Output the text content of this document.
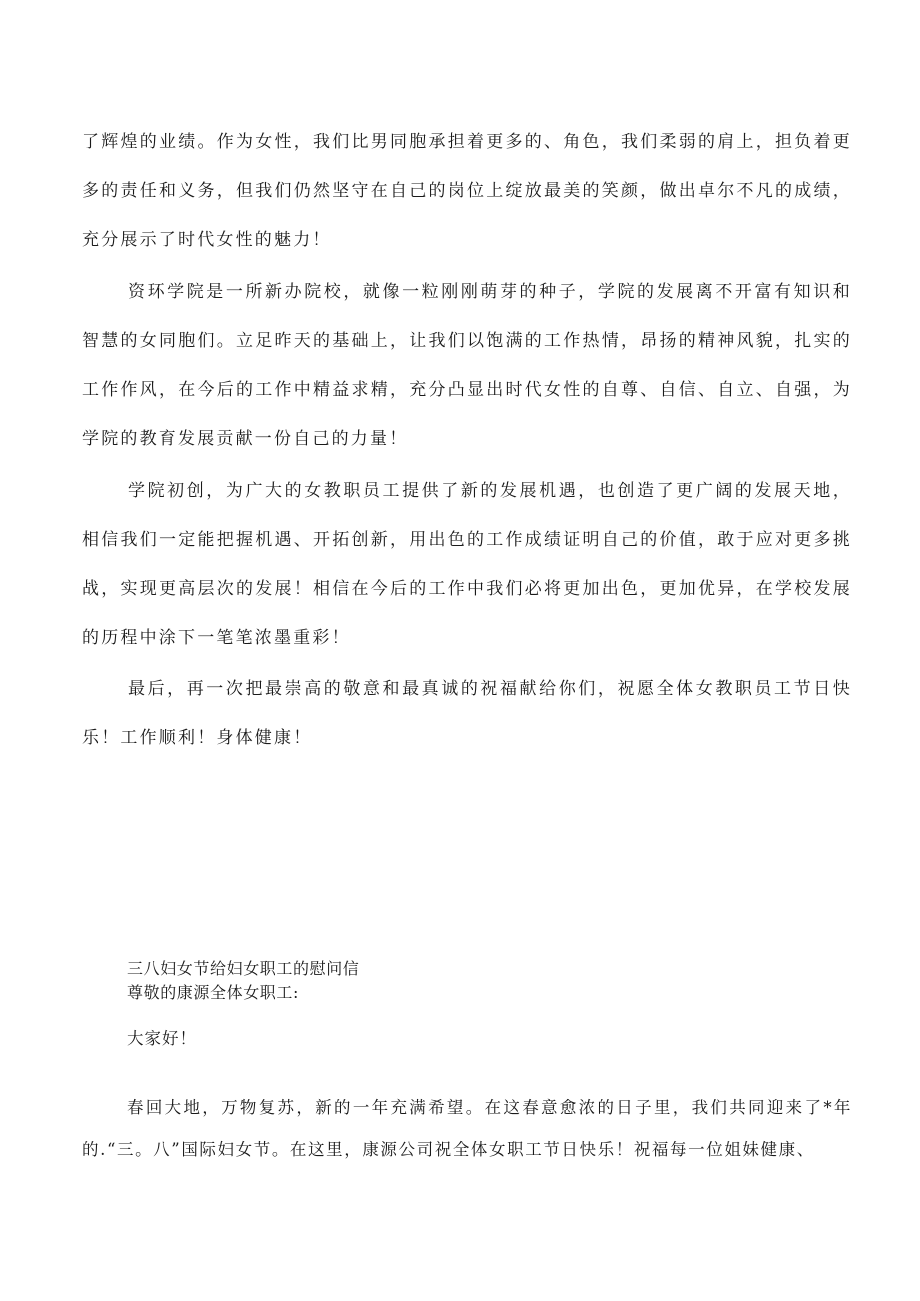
了辉煌的业绩。作为女性，我们比男同胞承担着更多的、角色，我们柔弱的肩上，担负着更多的责任和义务，但我们仍然坚守在自己的岗位上绽放最美的笑颜，做出卓尔不凡的成绩，充分展示了时代女性的魅力！

资环学院是一所新办院校，就像一粒刚刚萌芽的种子，学院的发展离不开富有知识和智慧的女同胞们。立足昨天的基础上，让我们以饱满的工作热情，昂扬的精神风貌，扎实的工作作风，在今后的工作中精益求精，充分凸显出时代女性的自尊、自信、自立、自强，为学院的教育发展贡献一份自己的力量！

学院初创，为广大的女教职员工提供了新的发展机遇，也创造了更广阔的发展天地，相信我们一定能把握机遇、开拓创新，用出色的工作成绩证明自己的价值，敢于应对更多挑战，实现更高层次的发展！相信在今后的工作中我们必将更加出色，更加优异，在学校发展的历程中涂下一笔笔浓墨重彩！

最后，再一次把最崇高的敬意和最真诚的祝福献给你们，祝愿全体女教职员工节日快乐！工作顺利！身体健康！

三八妇女节给妇女职工的慰问信

尊敬的康源全体女职工:

大家好！

春回大地，万物复苏，新的一年充满希望。在这春意愈浓的日子里，我们共同迎来了*年的.“三。八”国际妇女节。在这里，康源公司祝全体女职工节日快乐！祝福每一位姐妹健康、
